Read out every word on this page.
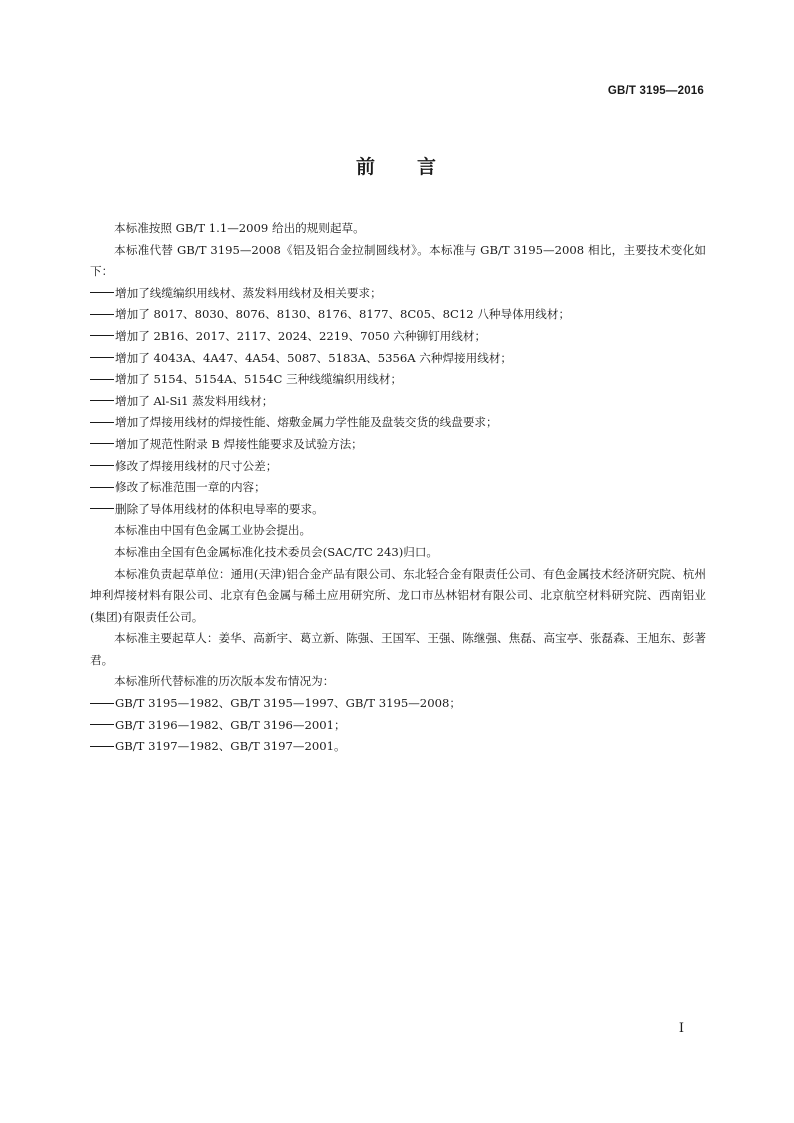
GB/T 3195—2016
前 言

本标准按照 GB/T 1.1—2009 给出的规则起草。

本标准代替 GB/T 3195—2008《铝及铝合金拉制圆线材》。本标准与 GB/T 3195—2008 相比，主要技术变化如下：

增加了线缆编织用线材、蒸发料用线材及相关要求；

增加了 8017、8030、8076、8130、8176、8177、8C05、8C12 八种导体用线材；

增加了 2B16、2017、2117、2024、2219、7050 六种铆钉用线材；

增加了 4043A、4A47、4A54、5087、5183A、5356A 六种焊接用线材；

增加了 5154、5154A、5154C 三种线缆编织用线材；

增加了 Al-Si1 蒸发料用线材；

增加了焊接用线材的焊接性能、熔敷金属力学性能及盘装交货的线盘要求；

增加了规范性附录 B 焊接性能要求及试验方法；

修改了焊接用线材的尺寸公差；

修改了标准范围一章的内容；

删除了导体用线材的体积电导率的要求。

本标准由中国有色金属工业协会提出。

本标准由全国有色金属标准化技术委员会(SAC/TC 243)归口。

本标准负责起草单位：通用(天津)铝合金产品有限公司、东北轻合金有限责任公司、有色金属技术经济研究院、杭州坤利焊接材料有限公司、北京有色金属与稀土应用研究所、龙口市丛林铝材有限公司、北京航空材料研究院、西南铝业(集团)有限责任公司。

本标准主要起草人：姜华、高新宇、葛立新、陈强、王国军、王强、陈继强、焦磊、高宝亭、张磊森、王旭东、彭著君。

本标准所代替标准的历次版本发布情况为：

GB/T 3195—1982、GB/T 3195—1997、GB/T 3195—2008；

GB/T 3196—1982、GB/T 3196—2001；

GB/T 3197—1982、GB/T 3197—2001。

I
